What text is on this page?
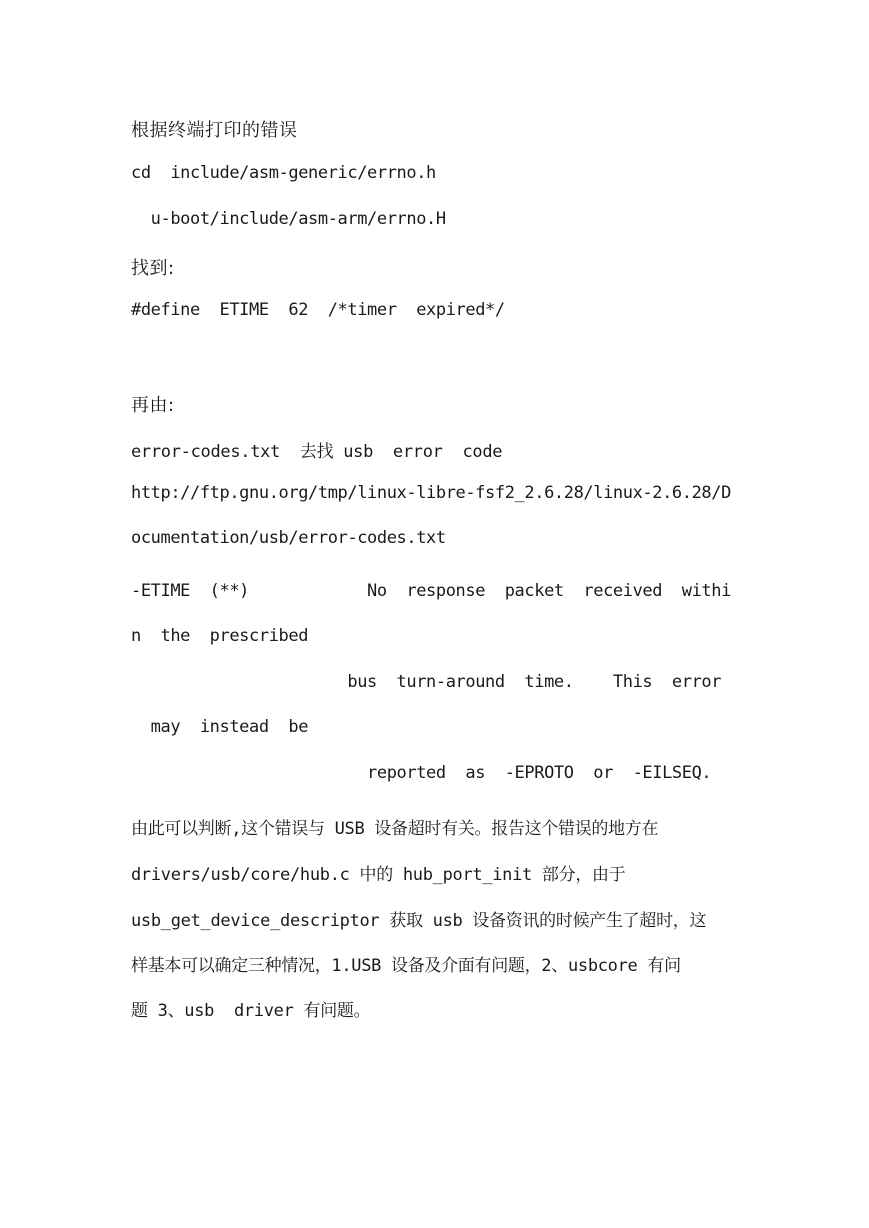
根据终端打印的错误
cd  include/asm-generic/errno.h
u-boot/include/asm-arm/errno.H
找到:
#define  ETIME  62  /*timer  expired*/
再由:
error-codes.txt  去找 usb  error  code
http://ftp.gnu.org/tmp/linux-libre-fsf2_2.6.28/linux-2.6.28/D
ocumentation/usb/error-codes.txt
-ETIME  (**)            No  response  packet  received  withi
n  the  prescribed
bus  turn-around  time.    This  error
may  instead  be
reported  as  -EPROTO  or  -EILSEQ.
由此可以判断,这个错误与 USB 设备超时有关。报告这个错误的地方在
drivers/usb/core/hub.c 中的 hub_port_init 部分，由于
usb_get_device_descriptor 获取 usb 设备资讯的时候产生了超时，这
样基本可以确定三种情况，1.USB 设备及介面有问题，2、usbcore 有问
题 3、usb  driver 有问题。
